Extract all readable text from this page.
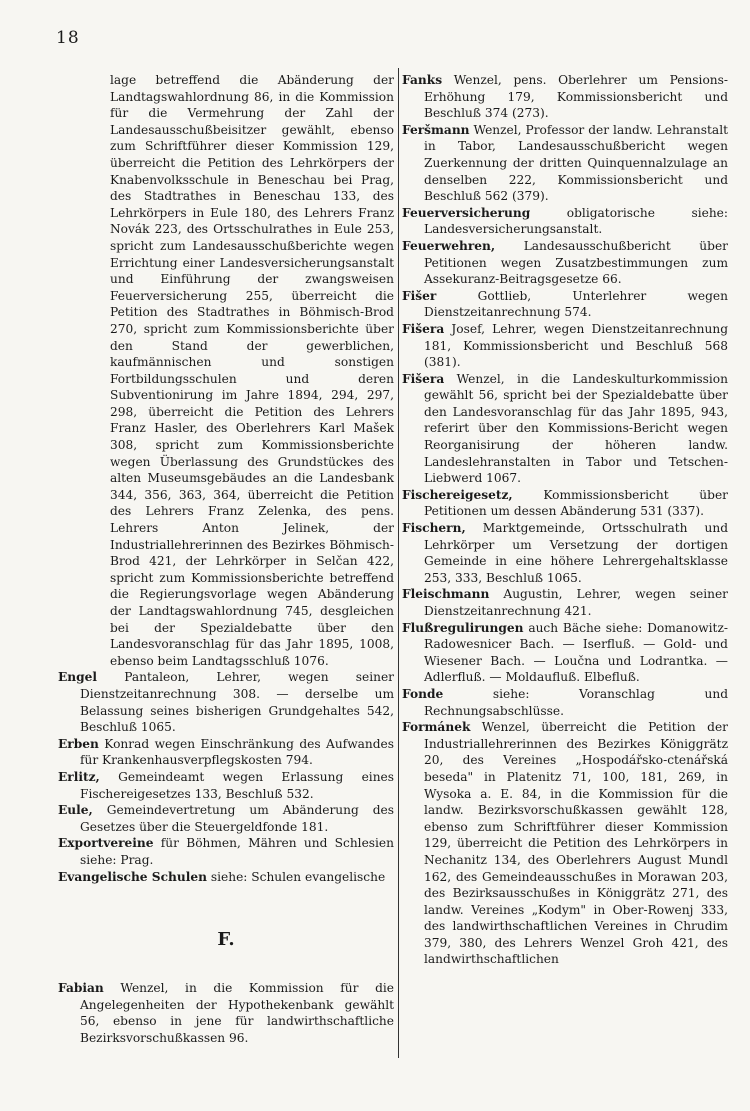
18

lage betreffend die Abänderung der Landtagswahlordnung 86, in die Kommission für die Vermehrung der Zahl der Landesausschußbeisitzer gewählt, ebenso zum Schriftführer dieser Kommission 129, überreicht die Petition des Lehrkörpers der Knabenvolksschule in Beneschau bei Prag, des Stadtrathes in Beneschau 133, des Lehrkörpers in Eule 180, des Lehrers Franz Novák 223, des Ortsschulrathes in Eule 253, spricht zum Landesausschußberichte wegen Errichtung einer Landesversicherungsanstalt und Einführung der zwangsweisen Feuerversicherung 255, überreicht die Petition des Stadtrathes in Böhmisch-Brod 270, spricht zum Kommissionsberichte über den Stand der gewerblichen, kaufmännischen und sonstigen Fortbildungsschulen und deren Subventionirung im Jahre 1894, 294, 297, 298, überreicht die Petition des Lehrers Franz Hasler, des Oberlehrers Karl Mašek 308, spricht zum Kommissionsberichte wegen Überlassung des Grundstückes des alten Museumsgebäudes an die Landesbank 344, 356, 363, 364, überreicht die Petition des Lehrers Franz Zelenka, des pens. Lehrers Anton Jelinek, der Industriallehrerinnen des Bezirkes Böhmisch-Brod 421, der Lehrkörper in Selčan 422, spricht zum Kommissionsberichte betreffend die Regierungsvorlage wegen Abänderung der Landtagswahlordnung 745, desgleichen bei der Spezialdebatte über den Landesvoranschlag für das Jahr 1895, 1008, ebenso beim Landtagsschluß 1076.

Engel Pantaleon, Lehrer, wegen seiner Dienstzeitanrechnung 308. — derselbe um Belassung seines bisherigen Grundgehaltes 542, Beschluß 1065.

Erben Konrad wegen Einschränkung des Aufwandes für Krankenhausverpflegskosten 794.

Erlitz, Gemeindeamt wegen Erlassung eines Fischereigesetzes 133, Beschluß 532.

Eule, Gemeindevertretung um Abänderung des Gesetzes über die Steuergeldfonde 181.

Exportvereine für Böhmen, Mähren und Schlesien siehe: Prag.

Evangelische Schulen siehe: Schulen evangelische

F.

Fabian Wenzel, in die Kommission für die Angelegenheiten der Hypothekenbank gewählt 56, ebenso in jene für landwirthschaftliche Bezirksvorschußkassen 96.

Fanks Wenzel, pens. Oberlehrer um Pensions-Erhöhung 179, Kommissionsbericht und Beschluß 374 (273).

Feršmann Wenzel, Professor der landw. Lehranstalt in Tabor, Landesausschußbericht wegen Zuerkennung der dritten Quinquennalzulage an denselben 222, Kommissionsbericht und Beschluß 562 (379).

Feuerversicherung	obligatorische siehe: Landesversicherungsanstalt.

Feuerwehren, Landesausschußbericht über Petitionen wegen Zusatzbestimmungen zum Assekuranz-Beitragsgesetze 66.

Fišer	Gottlieb, Unterlehrer wegen Dienstzeitanrechnung 574.

Fišera Josef, Lehrer, wegen Dienstzeitanrechnung 181, Kommissionsbericht und Beschluß 568 (381).

Fišera Wenzel, in die Landeskulturkommission gewählt 56, spricht bei der Spezialdebatte über den Landesvoranschlag für das Jahr 1895, 943, referirt über den Kommissions-Bericht wegen Reorganisirung der höheren landw. Landeslehranstalten in Tabor und Tetschen-Liebwerd 1067.

Fischereigesetz,	Kommissionsbericht über Petitionen um dessen Abänderung 531 (337).

Fischern, Marktgemeinde, Ortsschulrath und Lehrkörper um Versetzung der dortigen Gemeinde in eine höhere Lehrergehaltsklasse 253, 333, Beschluß 1065.

Fleischmann Augustin, Lehrer, wegen seiner Dienstzeitanrechnung 421.

Flußregulirungen auch Bäche siehe: Domanowitz-Radowesnicer Bach. — Iserfluß. — Gold- und Wiesener Bach. — Loučna und Lodrantka. — Adlerfluß. — Moldaufluß. Elbefluß.

Fonde	siehe: Voranschlag und Rechnungsabschlüsse.

Formánek Wenzel, überreicht die Petition der Industriallehrerinnen des Bezirkes Königgrätz 20, des Vereines „Hospodářsko-ctenářská beseda" in Platenitz 71, 100, 181, 269, in Wysoka a. E. 84, in die Kommission für die landw. Bezirksvorschußkassen gewählt 128, ebenso zum Schriftführer dieser Kommission 129, überreicht die Petition des Lehrkörpers in Nechanitz 134, des Oberlehrers August Mundl 162, des Gemeindeausschußes in Morawan 203, des Bezirksausschußes in Königgrätz 271, des landw. Vereines „Kodym" in Ober-Rowenj 333, des landwirthschaftlichen Vereines in Chrudim 379, 380, des Lehrers Wenzel Groh 421, des landwirthschaftlichen
